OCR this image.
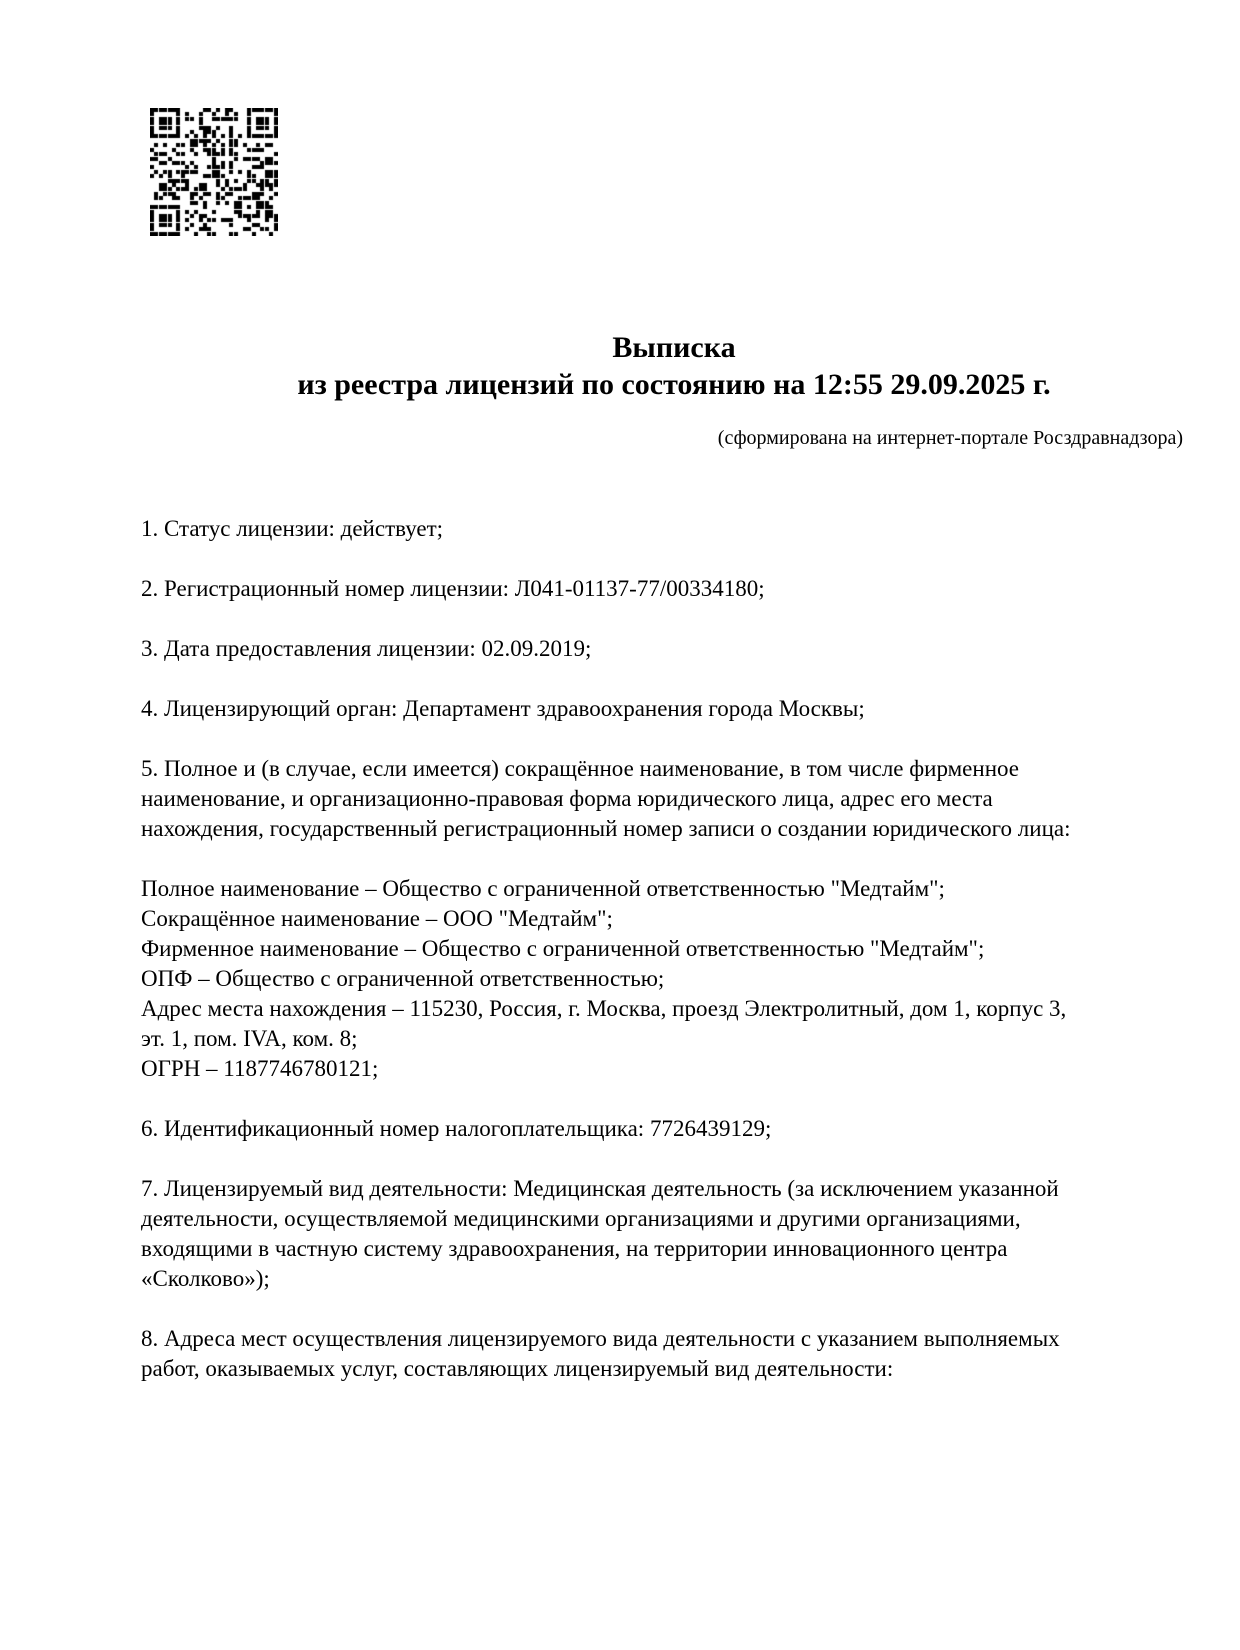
Выписка
из реестра лицензий по состоянию на 12:55 29.09.2025 г.
(сформирована на интернет-портале Росздравнадзора)

1. Статус лицензии: действует;

2. Регистрационный номер лицензии: Л041-01137-77/00334180;

3. Дата предоставления лицензии: 02.09.2019;

4. Лицензирующий орган: Департамент здравоохранения города Москвы;

5. Полное и (в случае, если имеется) сокращённое наименование, в том числе фирменное
наименование, и организационно-правовая форма юридического лица, адрес его места
нахождения, государственный регистрационный номер записи о создании юридического лица:

Полное наименование – Общество с ограниченной ответственностью "Медтайм";
Сокращённое наименование – ООО "Медтайм";
Фирменное наименование – Общество с ограниченной ответственностью "Медтайм";
ОПФ – Общество с ограниченной ответственностью;
Адрес места нахождения – 115230, Россия, г. Москва, проезд Электролитный, дом 1, корпус 3,
эт. 1, пом. IVA, ком. 8;
ОГРН – 1187746780121;

6. Идентификационный номер налогоплательщика: 7726439129;

7. Лицензируемый вид деятельности: Медицинская деятельность (за исключением указанной
деятельности, осуществляемой медицинскими организациями и другими организациями,
входящими в частную систему здравоохранения, на территории инновационного центра
«Сколково»);

8. Адреса мест осуществления лицензируемого вида деятельности с указанием выполняемых
работ, оказываемых услуг, составляющих лицензируемый вид деятельности:
